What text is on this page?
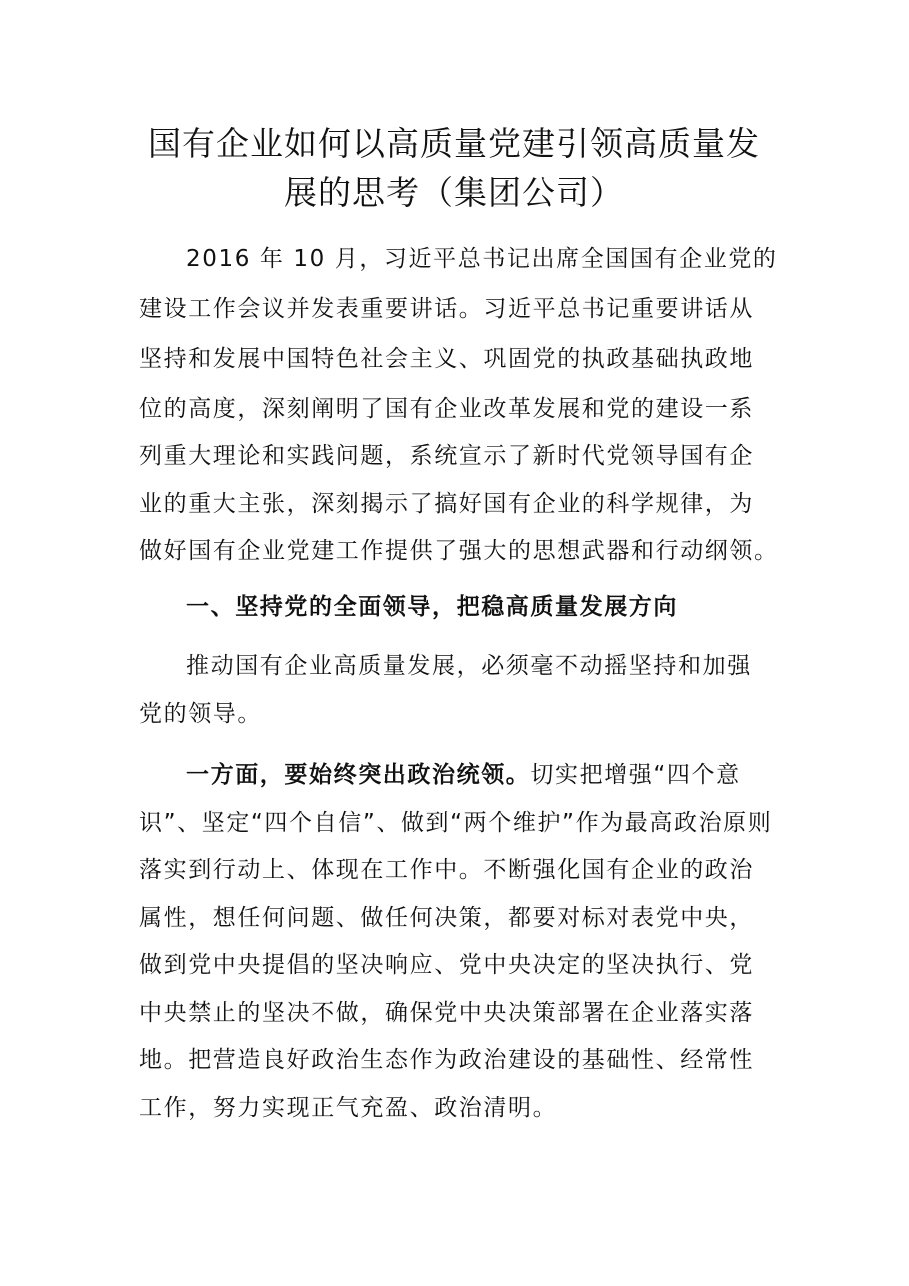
国有企业如何以高质量党建引领高质量发
展的思考（集团公司）
2016 年 10 月，习近平总书记出席全国国有企业党的
建设工作会议并发表重要讲话。习近平总书记重要讲话从
坚持和发展中国特色社会主义、巩固党的执政基础执政地
位的高度，深刻阐明了国有企业改革发展和党的建设一系
列重大理论和实践问题，系统宣示了新时代党领导国有企
业的重大主张，深刻揭示了搞好国有企业的科学规律，为
做好国有企业党建工作提供了强大的思想武器和行动纲领。
一、坚持党的全面领导，把稳高质量发展方向
推动国有企业高质量发展，必须毫不动摇坚持和加强
党的领导。
一方面，要始终突出政治统领。切实把增强“四个意
识”、坚定“四个自信”、做到“两个维护”作为最高政治原则
落实到行动上、体现在工作中。不断强化国有企业的政治
属性，想任何问题、做任何决策，都要对标对表党中央，
做到党中央提倡的坚决响应、党中央决定的坚决执行、党
中央禁止的坚决不做，确保党中央决策部署在企业落实落
地。把营造良好政治生态作为政治建设的基础性、经常性
工作，努力实现正气充盈、政治清明。
